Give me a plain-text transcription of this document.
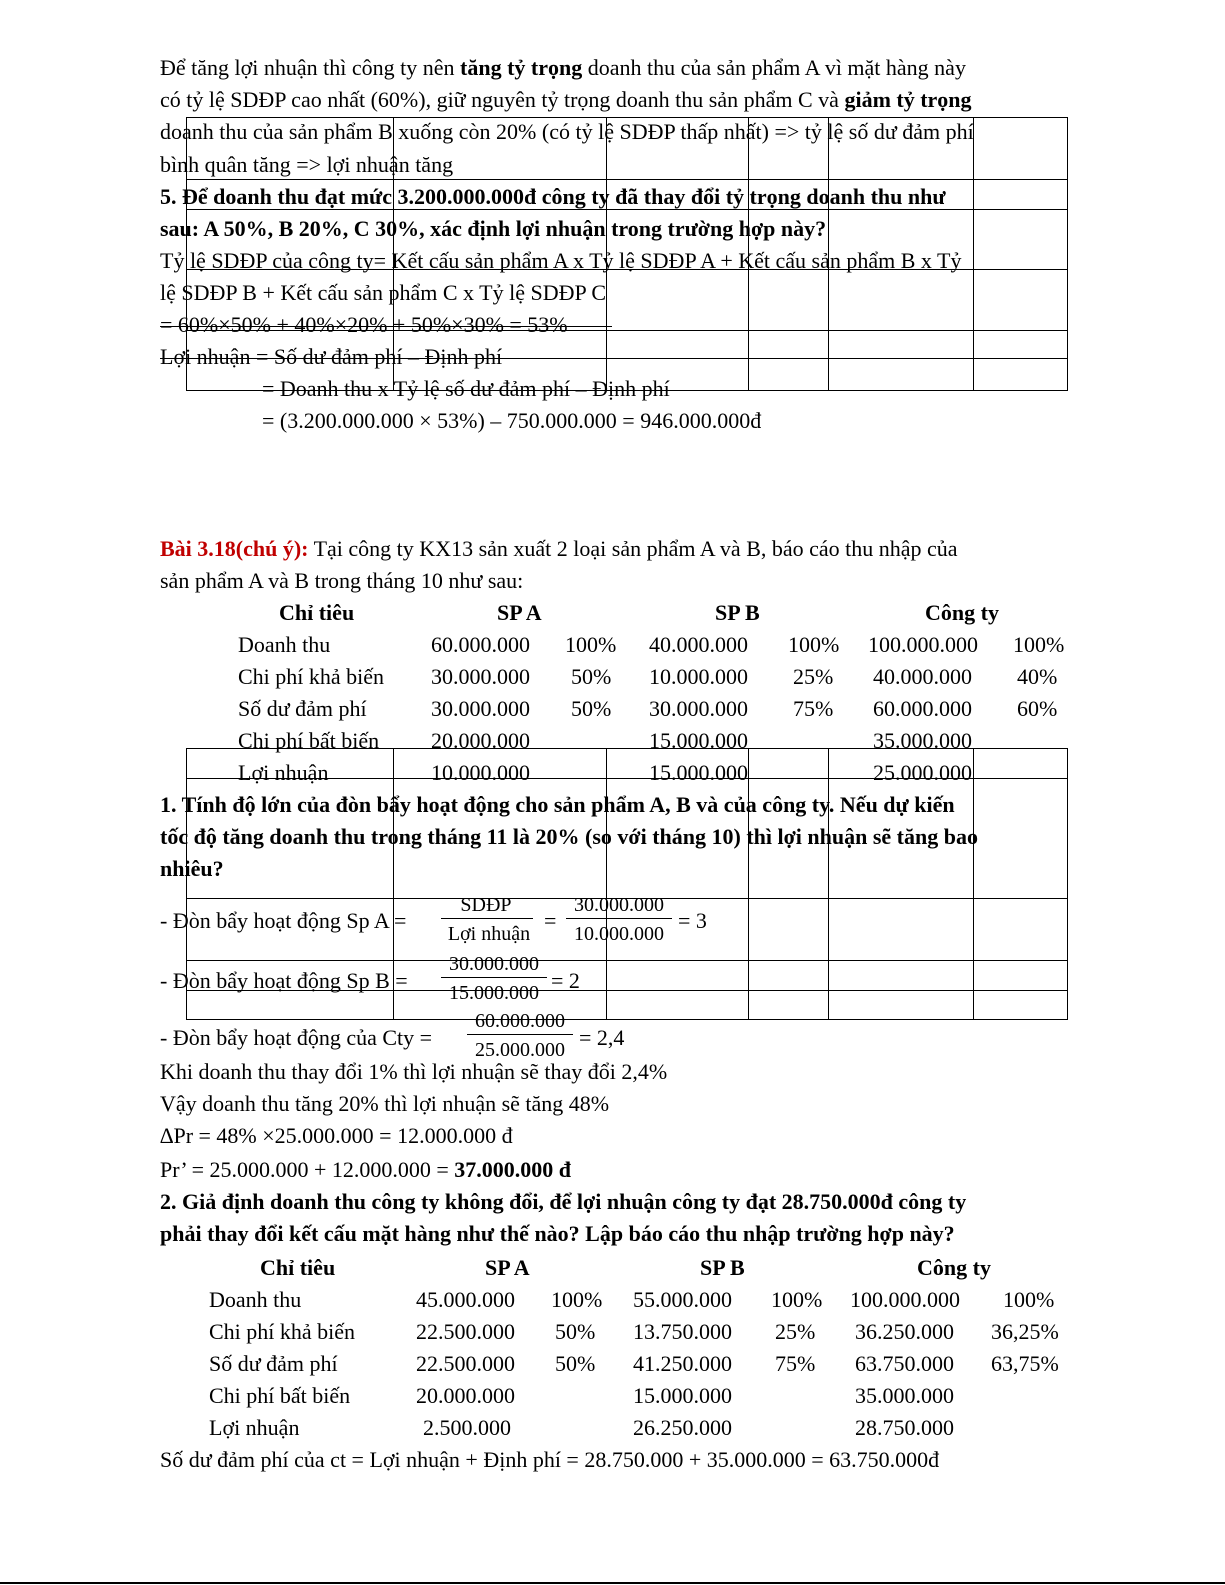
Để tăng lợi nhuận thì công ty nên tăng tỷ trọng doanh thu của sản phẩm A vì mặt hàng này
có tỷ lệ SDĐP cao nhất (60%), giữ nguyên tỷ trọng doanh thu sản phẩm C và giảm tỷ trọng
doanh thu của sản phẩm B xuống còn 20% (có tỷ lệ SDĐP thấp nhất) => tỷ lệ số dư đảm phí
bình quân tăng => lợi nhuận tăng
5. Để doanh thu đạt mức 3.200.000.000đ công ty đã thay đổi tỷ trọng doanh thu như
sau: A 50%, B 20%, C 30%, xác định lợi nhuận trong trường hợp này?
Tỷ lệ SDĐP của công ty= Kết cấu sản phẩm A x Tỷ lệ SDĐP A + Kết cấu sản phẩm B x Tỷ
lệ SDĐP B + Kết cấu sản phẩm C x Tỷ lệ SDĐP C
= 60%×50% + 40%×20% + 50%×30% = 53%
Lợi nhuận = Số dư đảm phí – Định phí
= Doanh thu x Tỷ lệ số dư đảm phí – Định phí
= (3.200.000.000 × 53%) – 750.000.000 = 946.000.000đ
Bài 3.18(chú ý): Tại công ty KX13 sản xuất 2 loại sản phẩm A và B, báo cáo thu nhập của
sản phẩm A và B trong tháng 10 như sau:
Chỉ tiêu	SP A	SP B	Công ty
Doanh thu	60.000.000 100% 40.000.000 100% 100.000.000 100%
Chi phí khả biến 30.000.000 50% 10.000.000 25% 40.000.000 40%
Số dư đảm phí	30.000.000 50% 30.000.000 75% 60.000.000 60%
Chi phí bất biến 20.000.000	15.000.000	35.000.000
Lợi nhuận	10.000.000	15.000.000	25.000.000
1. Tính độ lớn của đòn bẩy hoạt động cho sản phẩm A, B và của công ty. Nếu dự kiến
tốc độ tăng doanh thu trong tháng 11 là 20% (so với tháng 10) thì lợi nhuận sẽ tăng bao
nhiêu?
- Đòn bẩy hoạt động Sp A =
SDĐP
Lợi nhuận
=
30.000.000
10.000.000
= 3
- Đòn bẩy hoạt động Sp B =
30.000.000
15.000.000 = 2
- Đòn bẩy hoạt động của Cty =
60.000.000
25.000.000 = 2,4
Khi doanh thu thay đổi 1% thì lợi nhuận sẽ thay đổi 2,4%
Vậy doanh thu tăng 20% thì lợi nhuận sẽ tăng 48%
∆Pr = 48% ×25.000.000 = 12.000.000 đ
Pr’ = 25.000.000 + 12.000.000 = 37.000.000 đ
2. Giả định doanh thu công ty không đổi, để lợi nhuận công ty đạt 28.750.000đ công ty
phải thay đổi kết cấu mặt hàng như thế nào? Lập báo cáo thu nhập trường hợp này?
Chỉ tiêu	SP A	SP B	Công ty
Doanh thu	45.000.000 100% 55.000.000 100% 100.000.000 100%
Chi phí khả biến	22.500.000 50% 13.750.000 25% 36.250.000 36,25%
Số dư đảm phí	22.500.000 50% 41.250.000 75% 63.750.000 63,75%
Chi phí bất biến	20.000.000	15.000.000	35.000.000
Lợi nhuận	2.500.000	26.250.000	28.750.000
Số dư đảm phí của ct = Lợi nhuận + Định phí = 28.750.000 + 35.000.000 = 63.750.000đ
